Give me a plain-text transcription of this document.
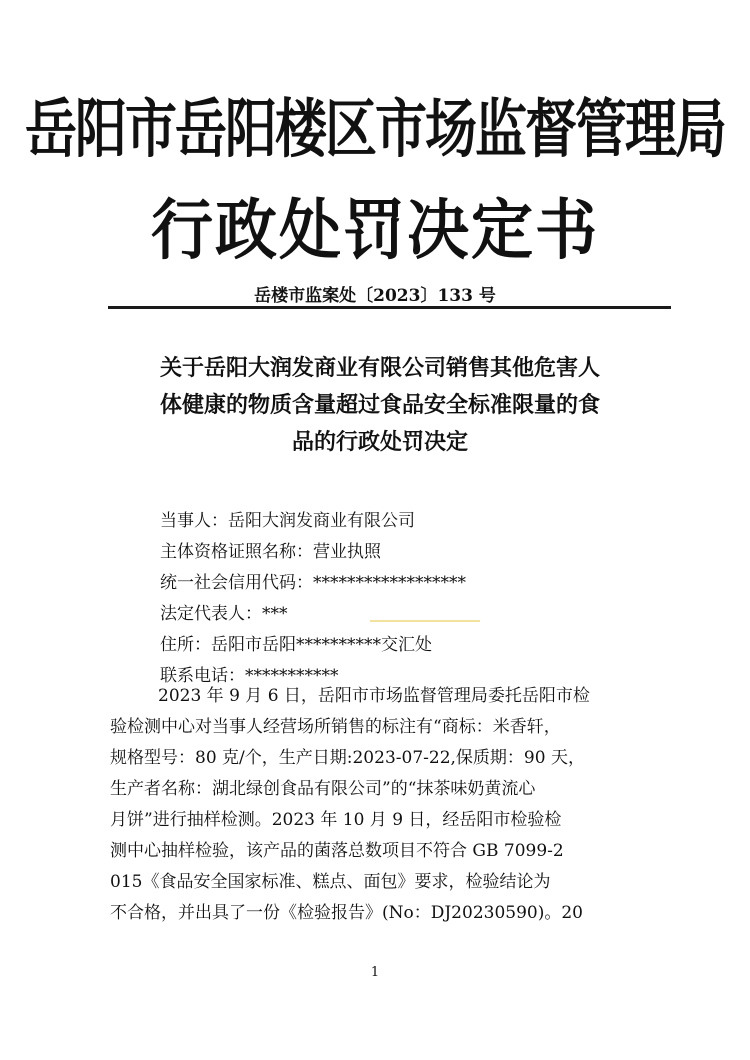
岳阳市岳阳楼区市场监督管理局
行政处罚决定书
岳楼市监案处〔2023〕133 号
关于岳阳大润发商业有限公司销售其他危害人
体健康的物质含量超过食品安全标准限量的食
品的行政处罚决定
当事人：岳阳大润发商业有限公司
主体资格证照名称：营业执照
统一社会信用代码：******************
法定代表人：***
住所：岳阳市岳阳**********交汇处
联系电话：***********
2023 年 9 月 6 日，岳阳市市场监督管理局委托岳阳市检
验检测中心对当事人经营场所销售的标注有“商标：米香轩，
规格型号：80 克/个，生产日期:2023-07-22,保质期：90 天，
生产者名称：湖北绿创食品有限公司”的“抹茶味奶黄流心
月饼”进行抽样检测。2023 年 10 月 9 日，经岳阳市检验检
测中心抽样检验，该产品的菌落总数项目不符合 GB 7099-2
015《食品安全国家标准、糕点、面包》要求，检验结论为
不合格，并出具了一份《检验报告》(No：DJ20230590)。20
1
